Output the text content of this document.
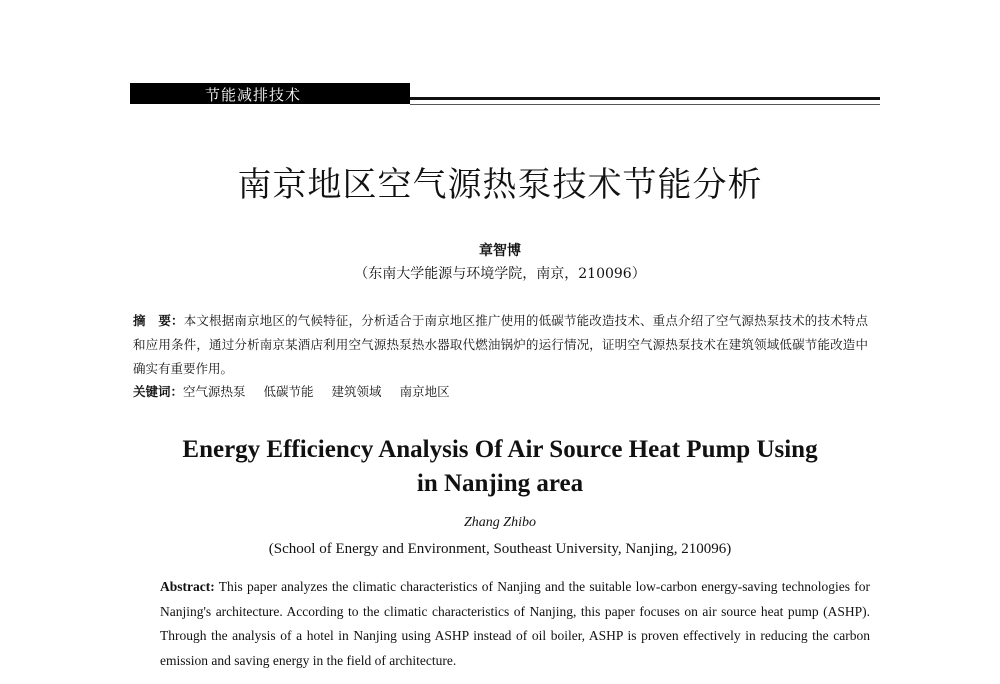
节能减排技术
南京地区空气源热泵技术节能分析
章智博
（东南大学能源与环境学院，南京，210096）
摘　要：本文根据南京地区的气候特征，分析适合于南京地区推广使用的低碳节能改造技术、重点介绍了空气源热泵技术的技术特点和应用条件，通过分析南京某酒店利用空气源热泵热水器取代燃油锅炉的运行情况，证明空气源热泵技术在建筑领域低碳节能改造中确实有重要作用。
关键词：空气源热泵 低碳节能 建筑领域 南京地区
Energy Efficiency Analysis Of Air Source Heat Pump Using
in Nanjing area
Zhang Zhibo
(School of Energy and Environment, Southeast University, Nanjing, 210096)
Abstract: This paper analyzes the climatic characteristics of Nanjing and the suitable low-carbon energy-saving technologies for Nanjing's architecture. According to the climatic characteristics of Nanjing, this paper focuses on air source heat pump (ASHP). Through the analysis of a hotel in Nanjing using ASHP instead of oil boiler, ASHP is proven effectively in reducing the carbon emission and saving energy in the field of architecture.
